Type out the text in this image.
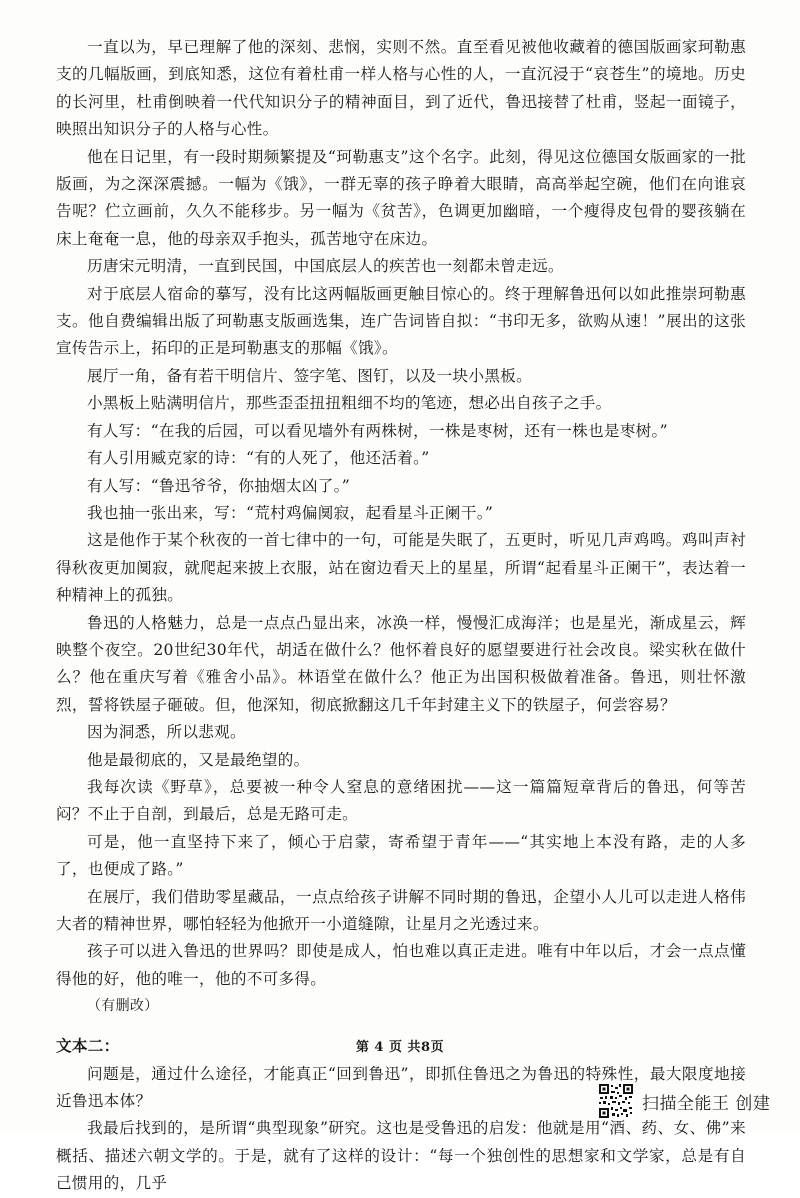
一直以为，早已理解了他的深刻、悲悯，实则不然。直至看见被他收藏着的德国版画家珂勒惠支的几幅版画，到底知悉，这位有着杜甫一样人格与心性的人，一直沉浸于“哀苍生”的境地。历史的长河里，杜甫倒映着一代代知识分子的精神面目，到了近代，鲁迅接替了杜甫，竖起一面镜子，映照出知识分子的人格与心性。

他在日记里，有一段时期频繁提及“珂勒惠支”这个名字。此刻，得见这位德国女版画家的一批版画，为之深深震撼。一幅为《饿》，一群无辜的孩子睁着大眼睛，高高举起空碗，他们在向谁哀告呢？伫立画前，久久不能移步。另一幅为《贫苦》，色调更加幽暗，一个瘦得皮包骨的婴孩躺在床上奄奄一息，他的母亲双手抱头，孤苦地守在床边。

历唐宋元明清，一直到民国，中国底层人的疾苦也一刻都未曾走远。

对于底层人宿命的摹写，没有比这两幅版画更触目惊心的。终于理解鲁迅何以如此推崇珂勒惠支。他自费编辑出版了珂勒惠支版画选集，连广告词皆自拟：“书印无多，欲购从速！”展出的这张宣传告示上，拓印的正是珂勒惠支的那幅《饿》。

展厅一角，备有若干明信片、签字笔、图钉，以及一块小黑板。

小黑板上贴满明信片，那些歪歪扭扭粗细不均的笔迹，想必出自孩子之手。

有人写：“在我的后园，可以看见墙外有两株树，一株是枣树，还有一株也是枣树。”

有人引用臧克家的诗：“有的人死了，他还活着。”

有人写：“鲁迅爷爷，你抽烟太凶了。”

我也抽一张出来，写：“荒村鸡偏阒寂，起看星斗正阑干。”

这是他作于某个秋夜的一首七律中的一句，可能是失眠了，五更时，听见几声鸡鸣。鸡叫声衬得秋夜更加阒寂，就爬起来披上衣服，站在窗边看天上的星星，所谓“起看星斗正阑干”，表达着一种精神上的孤独。

鲁迅的人格魅力，总是一点点凸显出来，冰涣一样，慢慢汇成海洋；也是星光，渐成星云，辉映整个夜空。20世纪30年代，胡适在做什么？他怀着良好的愿望要进行社会改良。梁实秋在做什么？他在重庆写着《雅舍小品》。林语堂在做什么？他正为出国积极做着准备。鲁迅，则壮怀激烈，誓将铁屋子砸破。但，他深知，彻底掀翻这几千年封建主义下的铁屋子，何尝容易？

因为洞悉，所以悲观。

他是最彻底的，又是最绝望的。

我每次读《野草》，总要被一种令人窒息的意绪困扰——这一篇篇短章背后的鲁迅，何等苦闷？不止于自剖，到最后，总是无路可走。

可是，他一直坚持下来了，倾心于启蒙，寄希望于青年——“其实地上本没有路，走的人多了，也便成了路。”

在展厅，我们借助零星藏品，一点点给孩子讲解不同时期的鲁迅，企望小人儿可以走进人格伟大者的精神世界，哪怕轻轻为他掀开一小道缝隙，让星月之光透过来。

孩子可以进入鲁迅的世界吗？即使是成人，怕也难以真正走进。唯有中年以后，才会一点点懂得他的好，他的唯一，他的不可多得。

（有删改）

文本二：

问题是，通过什么途径，才能真正“回到鲁迅”，即抓住鲁迅之为鲁迅的特殊性，最大限度地接近鲁迅本体？

我最后找到的，是所谓“典型现象”研究。这也是受鲁迅的启发：他就是用“酒、药、女、佛”来概括、描述六朝文学的。于是，就有了这样的设计：“每一个独创性的思想家和文学家，总是有自己惯用的，几乎

第 4 页 共8页
扫描全能王 创建
